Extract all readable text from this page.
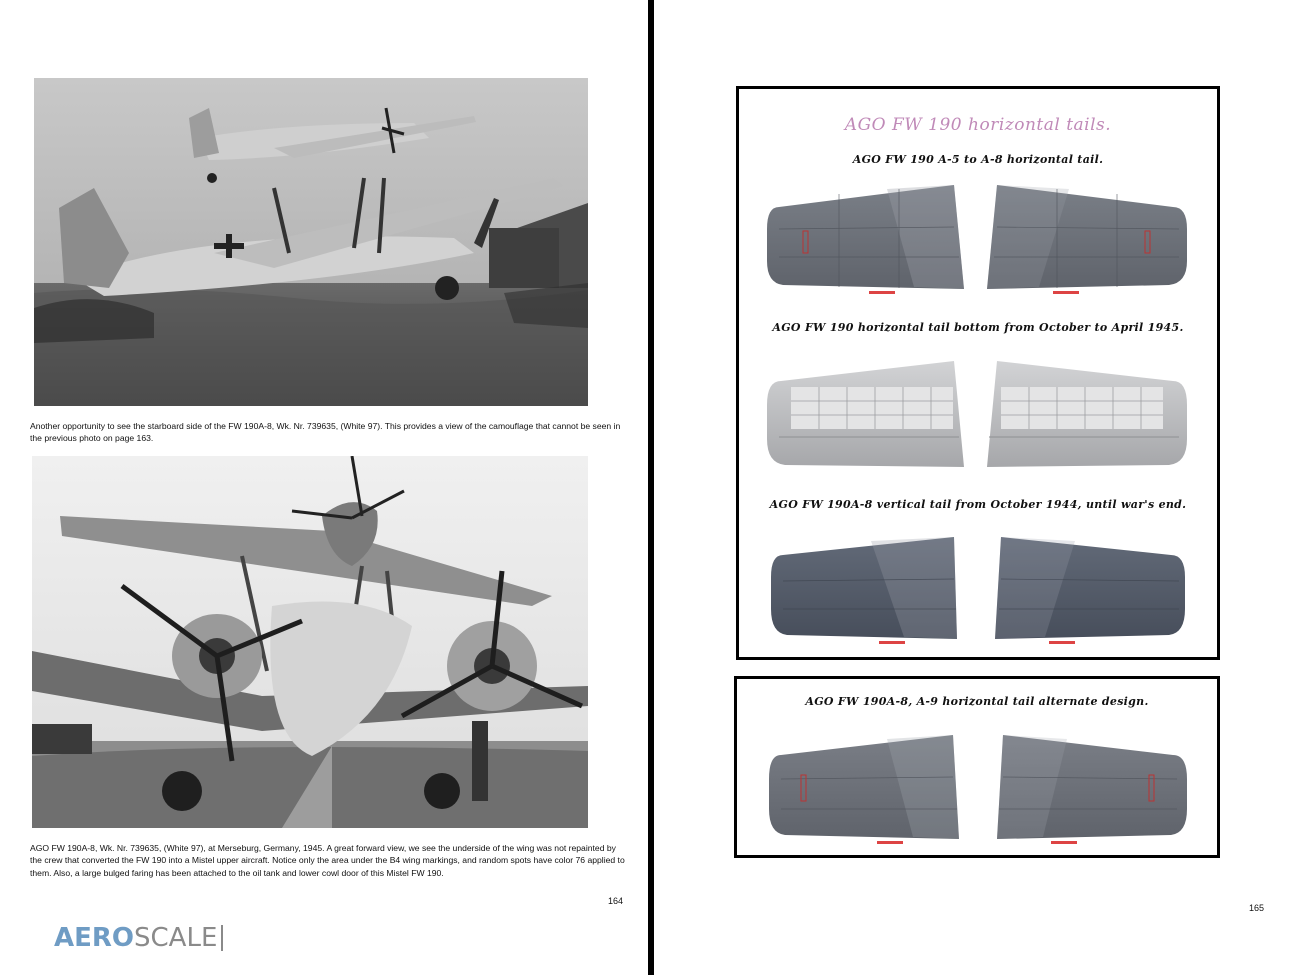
Another opportunity to see the starboard side of the FW 190A-8, Wk. Nr. 739635, (White 97). This provides a view of the camouflage that cannot be seen in the previous photo on page 163.
AGO FW 190A-8, Wk. Nr. 739635, (White 97), at Merseburg, Germany, 1945. A great forward view, we see the underside of the wing was not repainted by the crew that converted the FW 190 into a Mistel upper aircraft. Notice only the area under the B4 wing markings, and random spots have color 76 applied to them. Also, a large bulged faring has been attached to the oil tank and lower cowl door of this Mistel FW 190.
164
AERO SCALE
AGO FW 190 horizontal tails.
AGO FW 190 A-5 to A-8 horizontal tail.
AGO FW 190 horizontal tail bottom from October to April 1945.
AGO FW 190A-8 vertical tail from October 1944, until war's end.
AGO FW 190A-8, A-9 horizontal tail alternate design.
165
